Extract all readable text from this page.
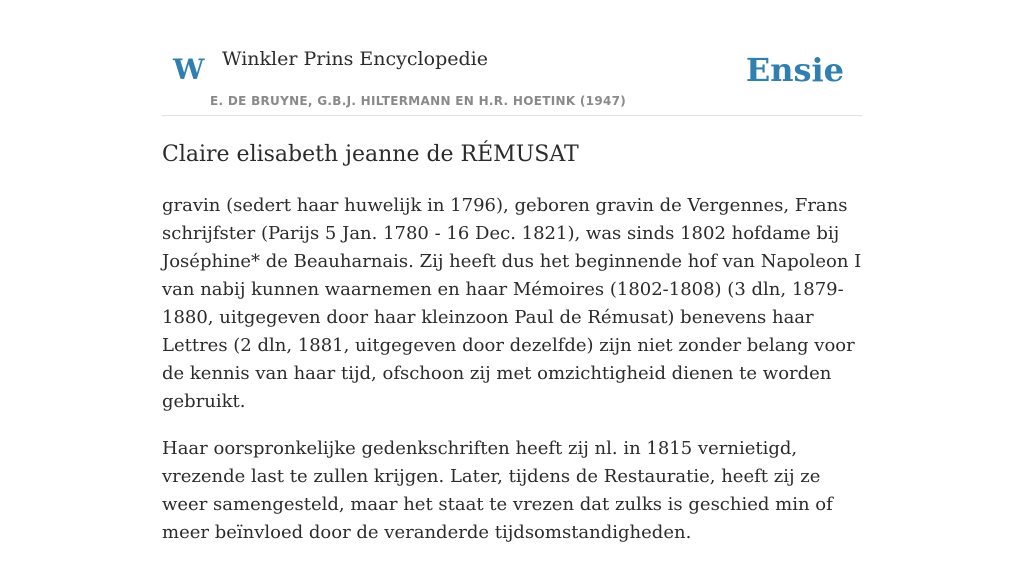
W Winkler Prins Encyclopedie
E. DE BRUYNE, G.B.J. HILTERMANN EN H.R. HOETINK (1947)
Ensie
Claire elisabeth jeanne de RÉMUSAT

gravin (sedert haar huwelijk in 1796), geboren gravin de Vergennes, Frans schrijfster (Parijs 5 Jan. 1780 - 16 Dec. 1821), was sinds 1802 hofdame bij Joséphine* de Beauharnais. Zij heeft dus het beginnende hof van Napoleon I van nabij kunnen waarnemen en haar Mémoires (1802-1808) (3 dln, 1879-1880, uitgegeven door haar kleinzoon Paul de Rémusat) benevens haar Lettres (2 dln, 1881, uitgegeven door dezelfde) zijn niet zonder belang voor de kennis van haar tijd, ofschoon zij met omzichtigheid dienen te worden gebruikt.

Haar oorspronkelijke gedenkschriften heeft zij nl. in 1815 vernietigd, vrezende last te zullen krijgen. Later, tijdens de Restauratie, heeft zij ze weer samengesteld, maar het staat te vrezen dat zulks is geschied min of meer beïnvloed door de veranderde tijdsomstandigheden.
